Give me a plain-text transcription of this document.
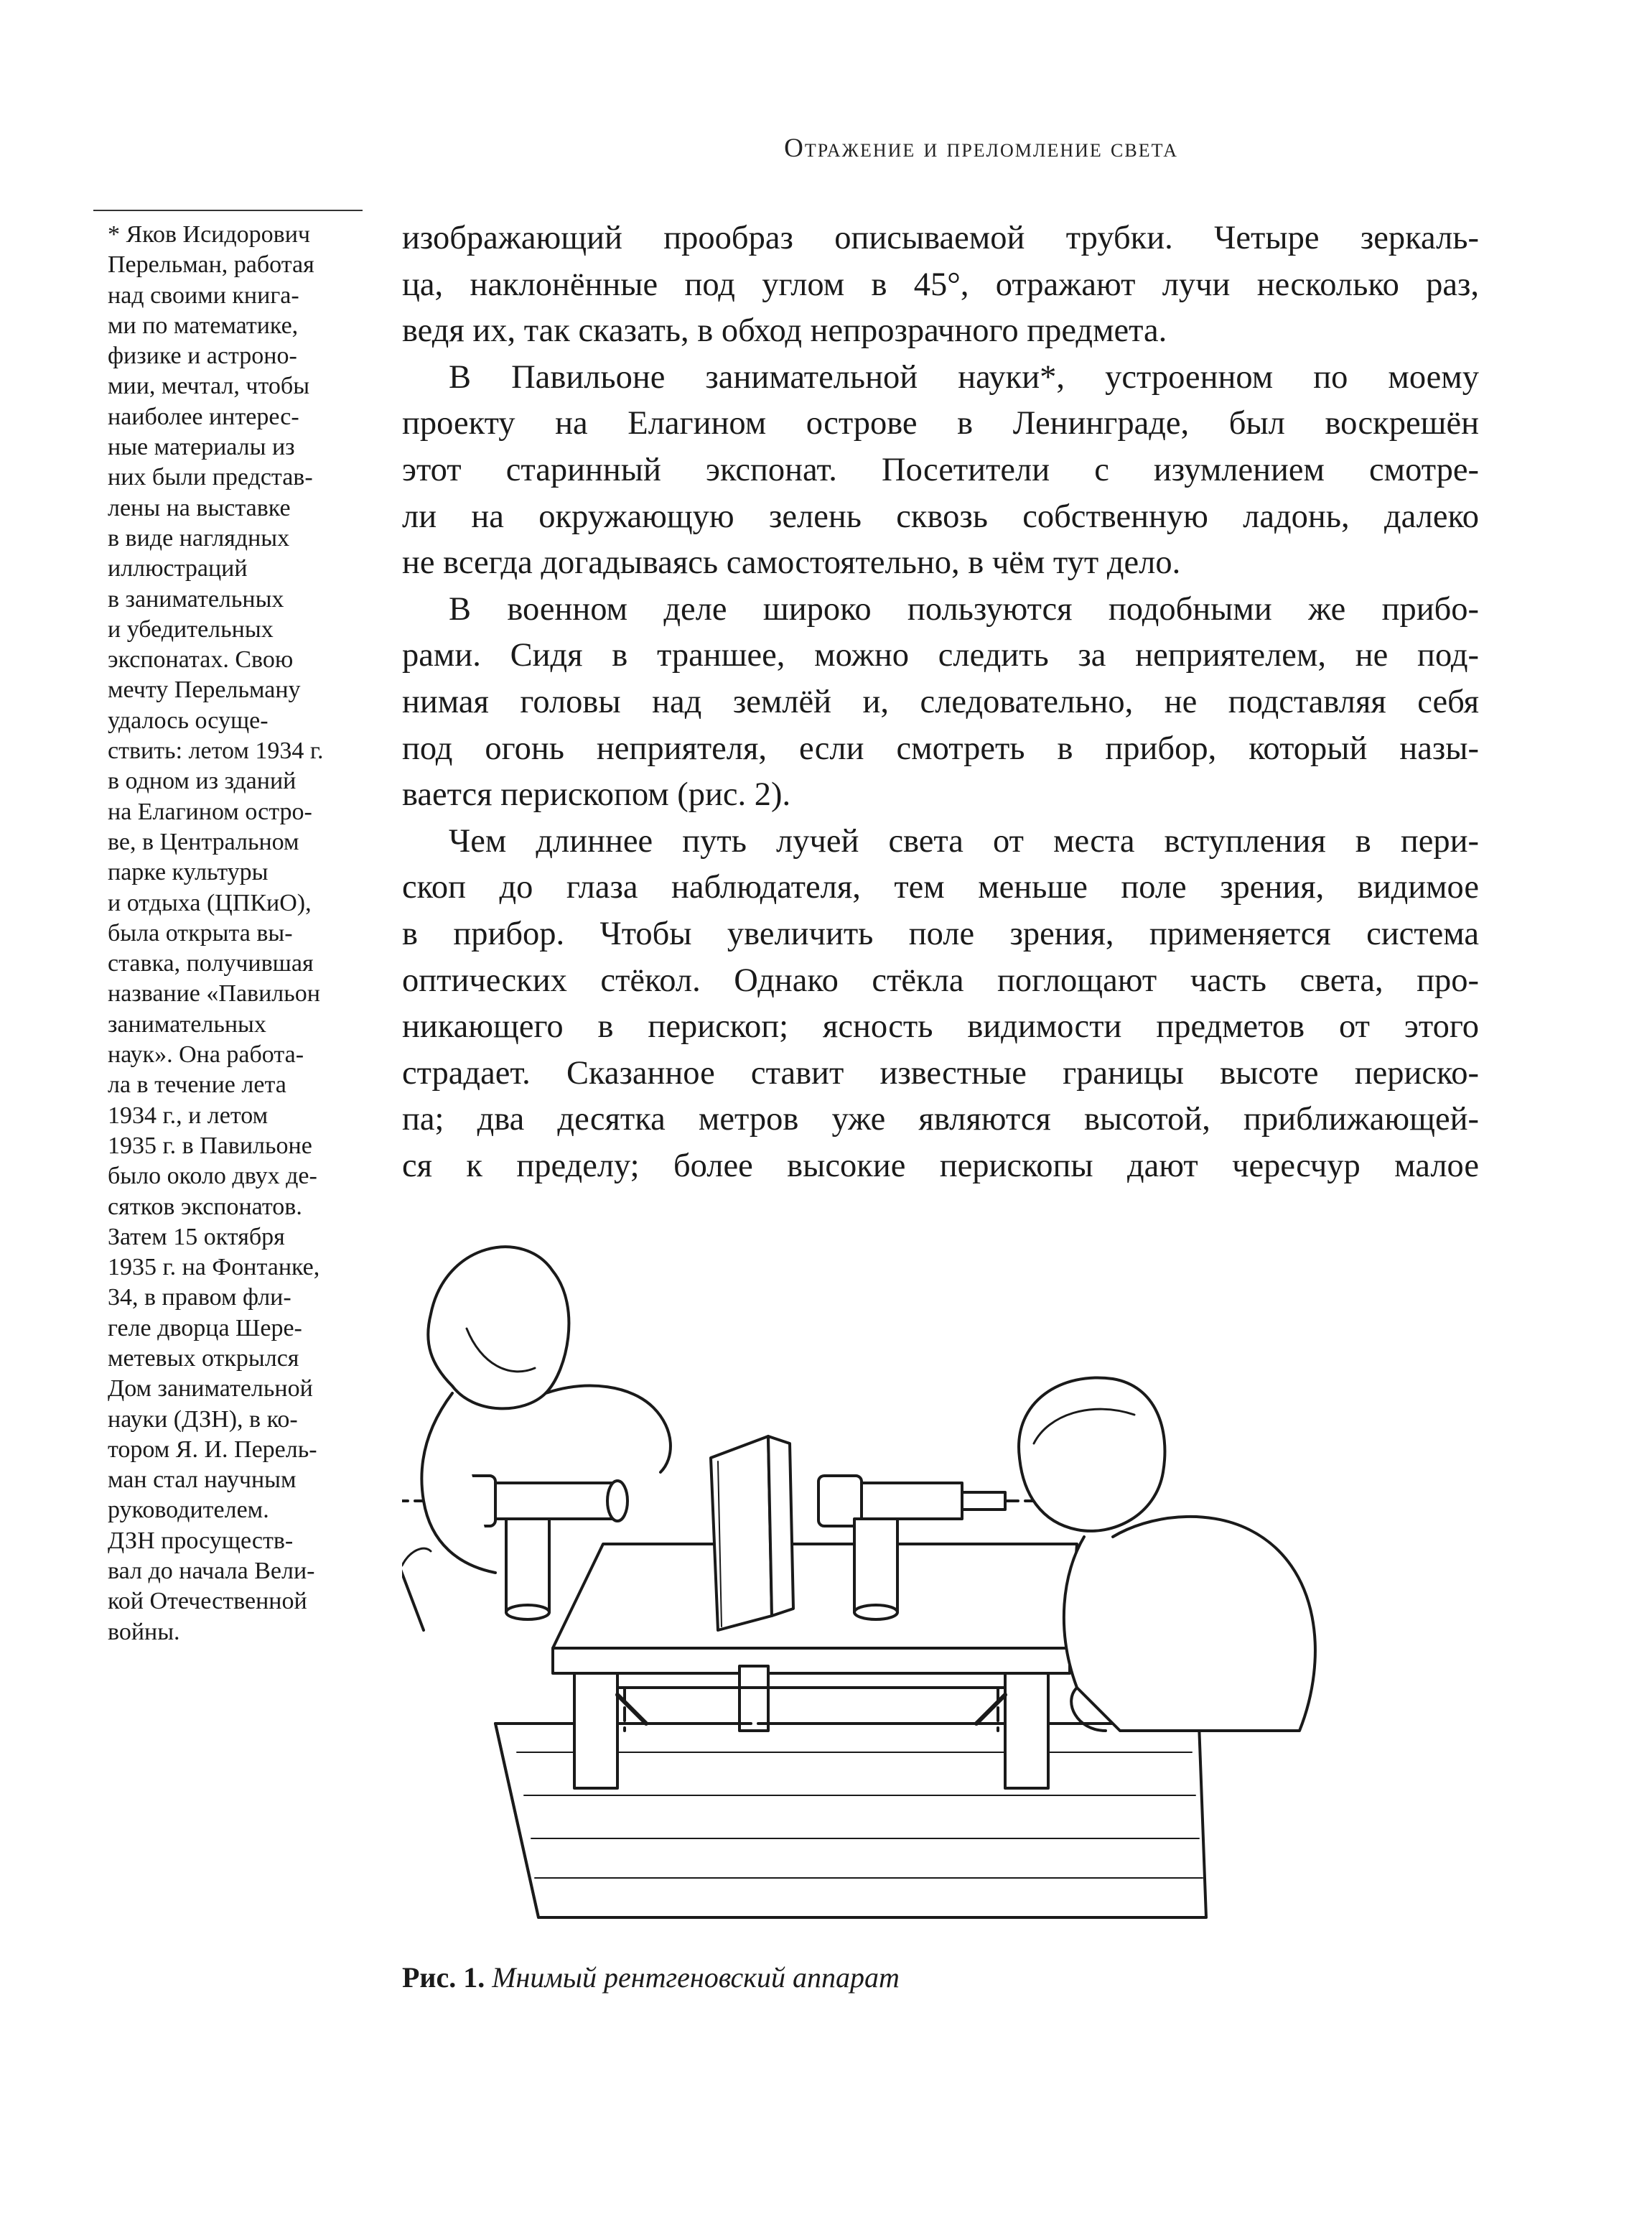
Отражение и преломление света
* Яков Исидорович
Перельман, работая
над своими книга-
ми по математике,
физике и астроно-
мии, мечтал, чтобы
наиболее интерес-
ные материалы из
них были представ-
лены на выставке
в виде наглядных
иллюстраций
в занимательных
и убедительных
экспонатах. Свою
мечту Перельману
удалось осуще-
ствить: летом 1934 г.
в одном из зданий
на Елагином остро-
ве, в Центральном
парке культуры
и отдыха (ЦПКиО),
была открыта вы-
ставка, получившая
название «Павильон
занимательных
наук». Она работа-
ла в течение лета
1934 г., и летом
1935 г. в Павильоне
было около двух де-
сятков экспонатов.
Затем 15 октября
1935 г. на Фонтанке,
34, в правом фли-
геле дворца Шере-
метевых открылся
Дом занимательной
науки (ДЗН), в ко-
тором Я. И. Перель-
ман стал научным
руководителем.
ДЗН просуществ-
вал до начала Вели-
кой Отечественной
войны.
изображающий прообраз описываемой трубки. Четыре зеркаль-
ца, наклонённые под углом в 45°, отражают лучи несколько раз,
ведя их, так сказать, в обход непрозрачного предмета.
В Павильоне занимательной науки*, устроенном по моему
проекту на Елагином острове в Ленинграде, был воскрешён
этот старинный экспонат. Посетители с изумлением смотре-
ли на окружающую зелень сквозь собственную ладонь, далеко
не всегда догадываясь самостоятельно, в чём тут дело.
В военном деле широко пользуются подобными же прибо-
рами. Сидя в траншее, можно следить за неприятелем, не под-
нимая головы над землёй и, следовательно, не подставляя себя
под огонь неприятеля, если смотреть в прибор, который назы-
вается перископом (рис. 2).
Чем длиннее путь лучей света от места вступления в пери-
скоп до глаза наблюдателя, тем меньше поле зрения, видимое
в прибор. Чтобы увеличить поле зрения, применяется система
оптических стёкол. Однако стёкла поглощают часть света, про-
никающего в перископ; ясность видимости предметов от этого
страдает. Сказанное ставит известные границы высоте периско-
па; два десятка метров уже являются высотой, приближающей-
ся к пределу; более высокие перископы дают чересчур малое
Рис. 1. Мнимый рентгеновский аппарат
